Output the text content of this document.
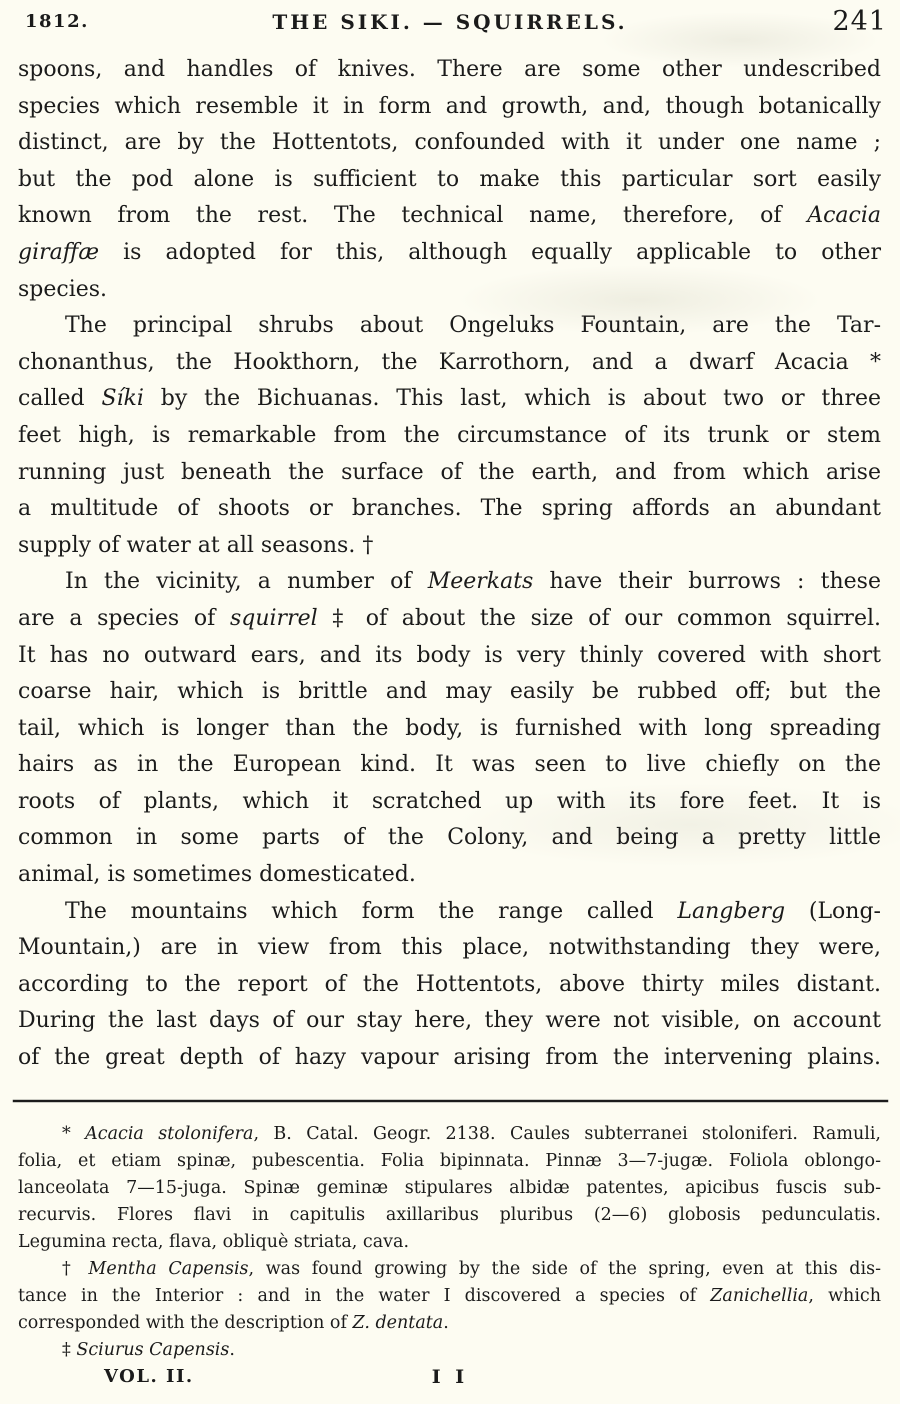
1812.	THE SIKI. — SQUIRRELS.	241
spoons, and handles of knives. There are some other undescribed
species which resemble it in form and growth, and, though botanically
distinct, are by the Hottentots, confounded with it under one name ;
but the pod alone is sufficient to make this particular sort easily
known from the rest. The technical name, therefore, of Acacia
giraffæ is adopted for this, although equally applicable to other
species.
The principal shrubs about Ongeluks Fountain, are the Tar-
chonanthus, the Hookthorn, the Karrothorn, and a dwarf Acacia *
called Síki by the Bichuanas. This last, which is about two or three
feet high, is remarkable from the circumstance of its trunk or stem
running just beneath the surface of the earth, and from which arise
a multitude of shoots or branches. The spring affords an abundant
supply of water at all seasons. †
In the vicinity, a number of Meerkats have their burrows : these
are a species of squirrel ‡ of about the size of our common squirrel.
It has no outward ears, and its body is very thinly covered with short
coarse hair, which is brittle and may easily be rubbed off; but the
tail, which is longer than the body, is furnished with long spreading
hairs as in the European kind. It was seen to live chiefly on the
roots of plants, which it scratched up with its fore feet. It is
common in some parts of the Colony, and being a pretty little
animal, is sometimes domesticated.
The mountains which form the range called Langberg (Long-
Mountain,) are in view from this place, notwithstanding they were,
according to the report of the Hottentots, above thirty miles distant.
During the last days of our stay here, they were not visible, on account
of the great depth of hazy vapour arising from the intervening plains.
* Acacia stolonifera, B. Catal. Geogr. 2138. Caules subterranei stoloniferi. Ramuli,
folia, et etiam spinæ, pubescentia. Folia bipinnata. Pinnæ 3—7-jugæ. Foliola oblongo-
lanceolata 7—15-juga. Spinæ geminæ stipulares albidæ patentes, apicibus fuscis sub-
recurvis. Flores flavi in capitulis axillaribus pluribus (2—6) globosis pedunculatis.
Legumina recta, flava, obliquè striata, cava.
† Mentha Capensis, was found growing by the side of the spring, even at this dis-
tance in the Interior : and in the water I discovered a species of Zanichellia, which
corresponded with the description of Z. dentata.
‡ Sciurus Capensis.
VOL. II.	I I
